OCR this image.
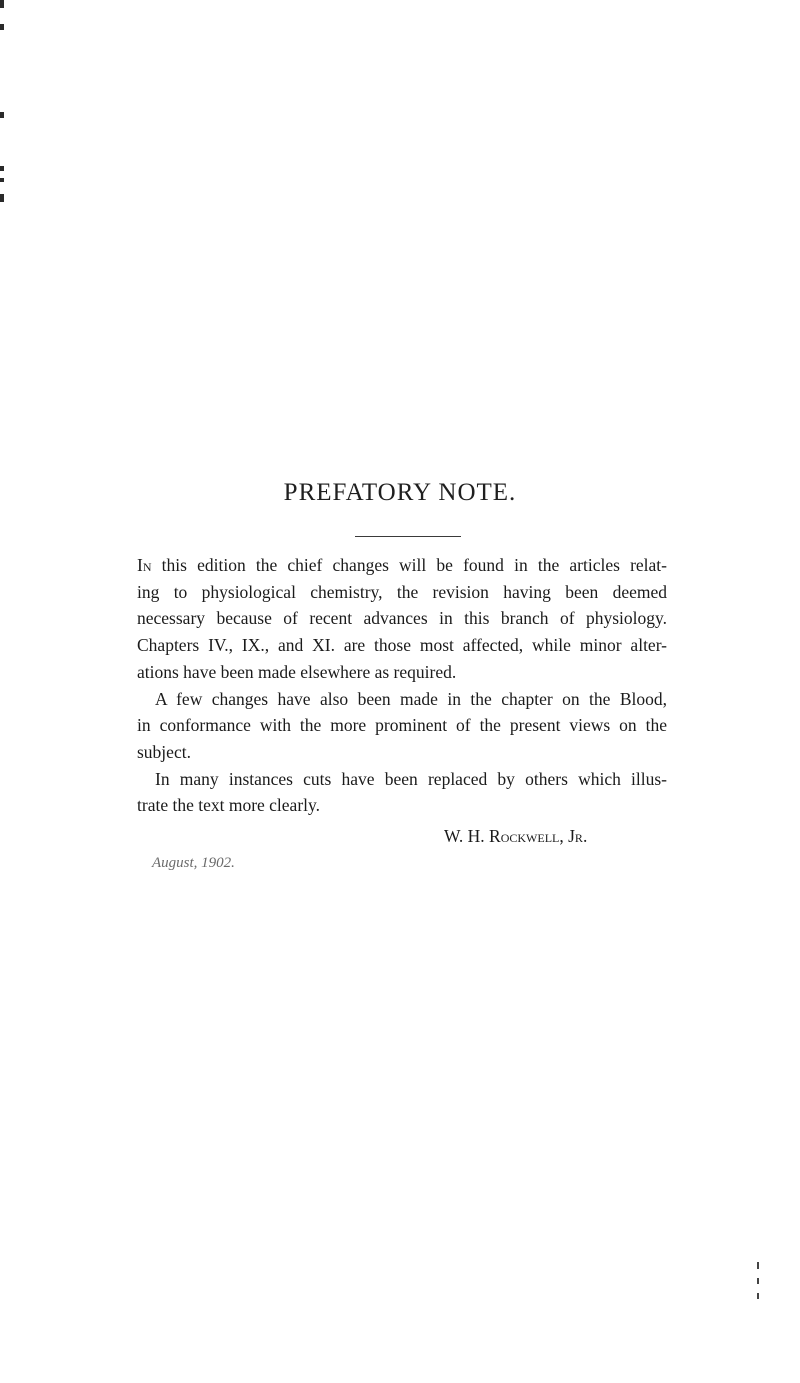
PREFATORY NOTE.
In this edition the chief changes will be found in the articles relat-
ing to physiological chemistry, the revision having been deemed
necessary because of recent advances in this branch of physiology.
Chapters IV., IX., and XI. are those most affected, while minor alter-
ations have been made elsewhere as required.
A few changes have also been made in the chapter on the Blood,
in conformance with the more prominent of the present views on the
subject.
In many instances cuts have been replaced by others which illus-
trate the text more clearly.
W. H. Rockwell, Jr.
August, 1902.
